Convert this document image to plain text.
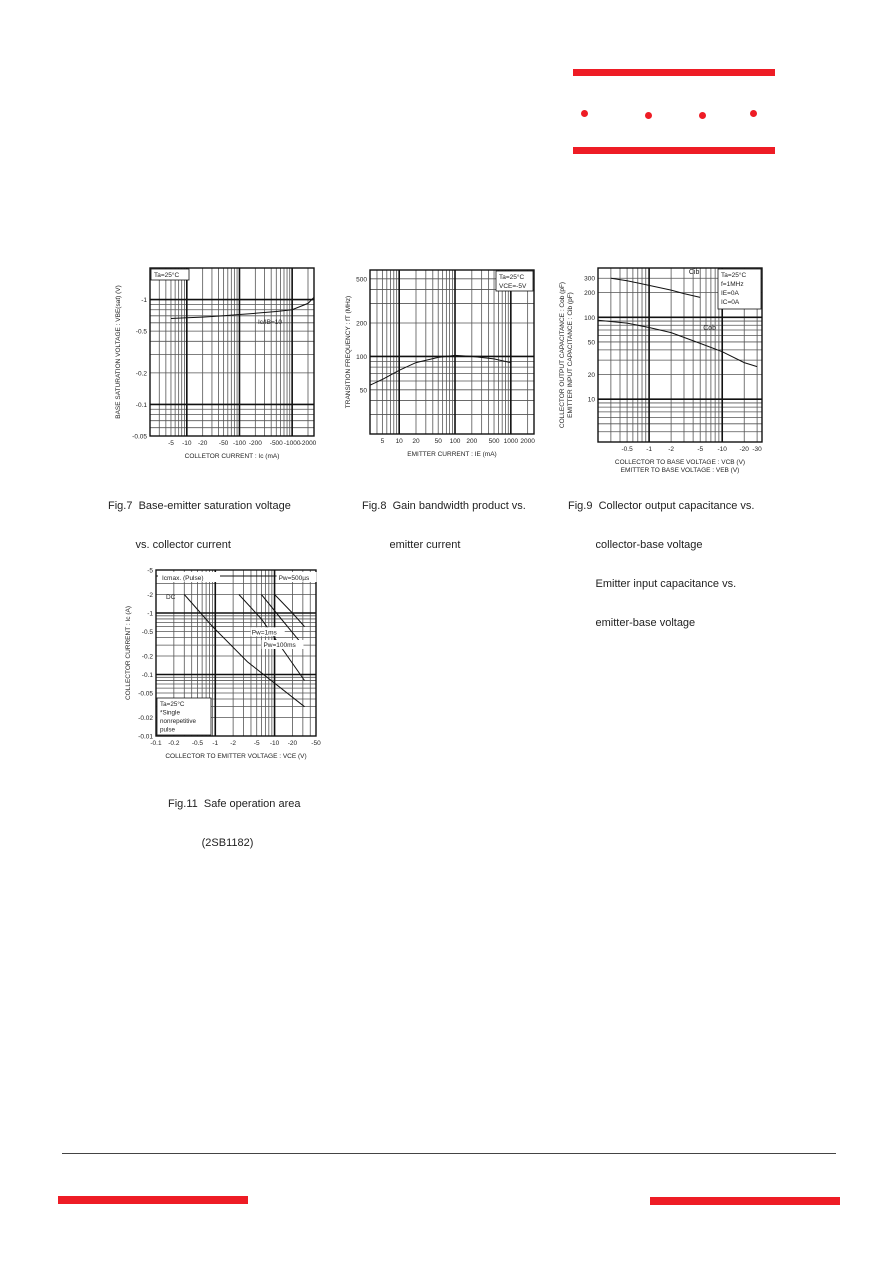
-5 -10 -20 -50 -100 -200 -500 -1000 -2000
-0.05
-0.1
-0.2
-0.5
-1
COLLETOR CURRENT : Ic (mA)
BASE SATURATION VOLTAGE : VBE(sat) (V)
Ta=25°C
Ic/IB=10

Fig.7  Base-emitter saturation voltage

vs. collector current

5 10 20 50 100 200 500 1000 2000
50
100
200
500
EMITTER CURRENT : IE (mA)
TRANSITION FREQUENCY : fT (MHz)
Ta=25°C
VCE=-5V

Fig.8  Gain bandwidth product vs.

emitter current

-0.5 -1 -2	-5 -10 -20 -30
10
20
50
100
200
300
COLLECTOR TO BASE VOLTAGE : VCB (V)
EMITTER TO BASE VOLTAGE : VEB (V)
COLLECTOR OUTPUT CAPACITANCE : Cob (pF) EMITTER INPUT CAPACITANCE : Cib (pF)
Ta=25°C
f=1MHz
IE=0A
IC=0A
Cib
Cob

Fig.9  Collector output capacitance vs.

collector-base voltage

Emitter input capacitance vs.

emitter-base voltage

-0.1 -0.2 -0.5 -1 -2	-5 -10 -20 -50
-0.01
-0.02
-0.05
-0.1
-0.2
-0.5
-1
-2
-5
COLLECTOR TO EMITTER VOLTAGE : VCE (V)
COLLECTOR CURRENT : Ic (A)
Icmax. (Pulse)	Pw=500µs
DC
Pw=1ms
Pw=100ms
Ta=25°C
*Single
nonrepetitive
pulse

Fig.11  Safe operation area

(2SB1182)
